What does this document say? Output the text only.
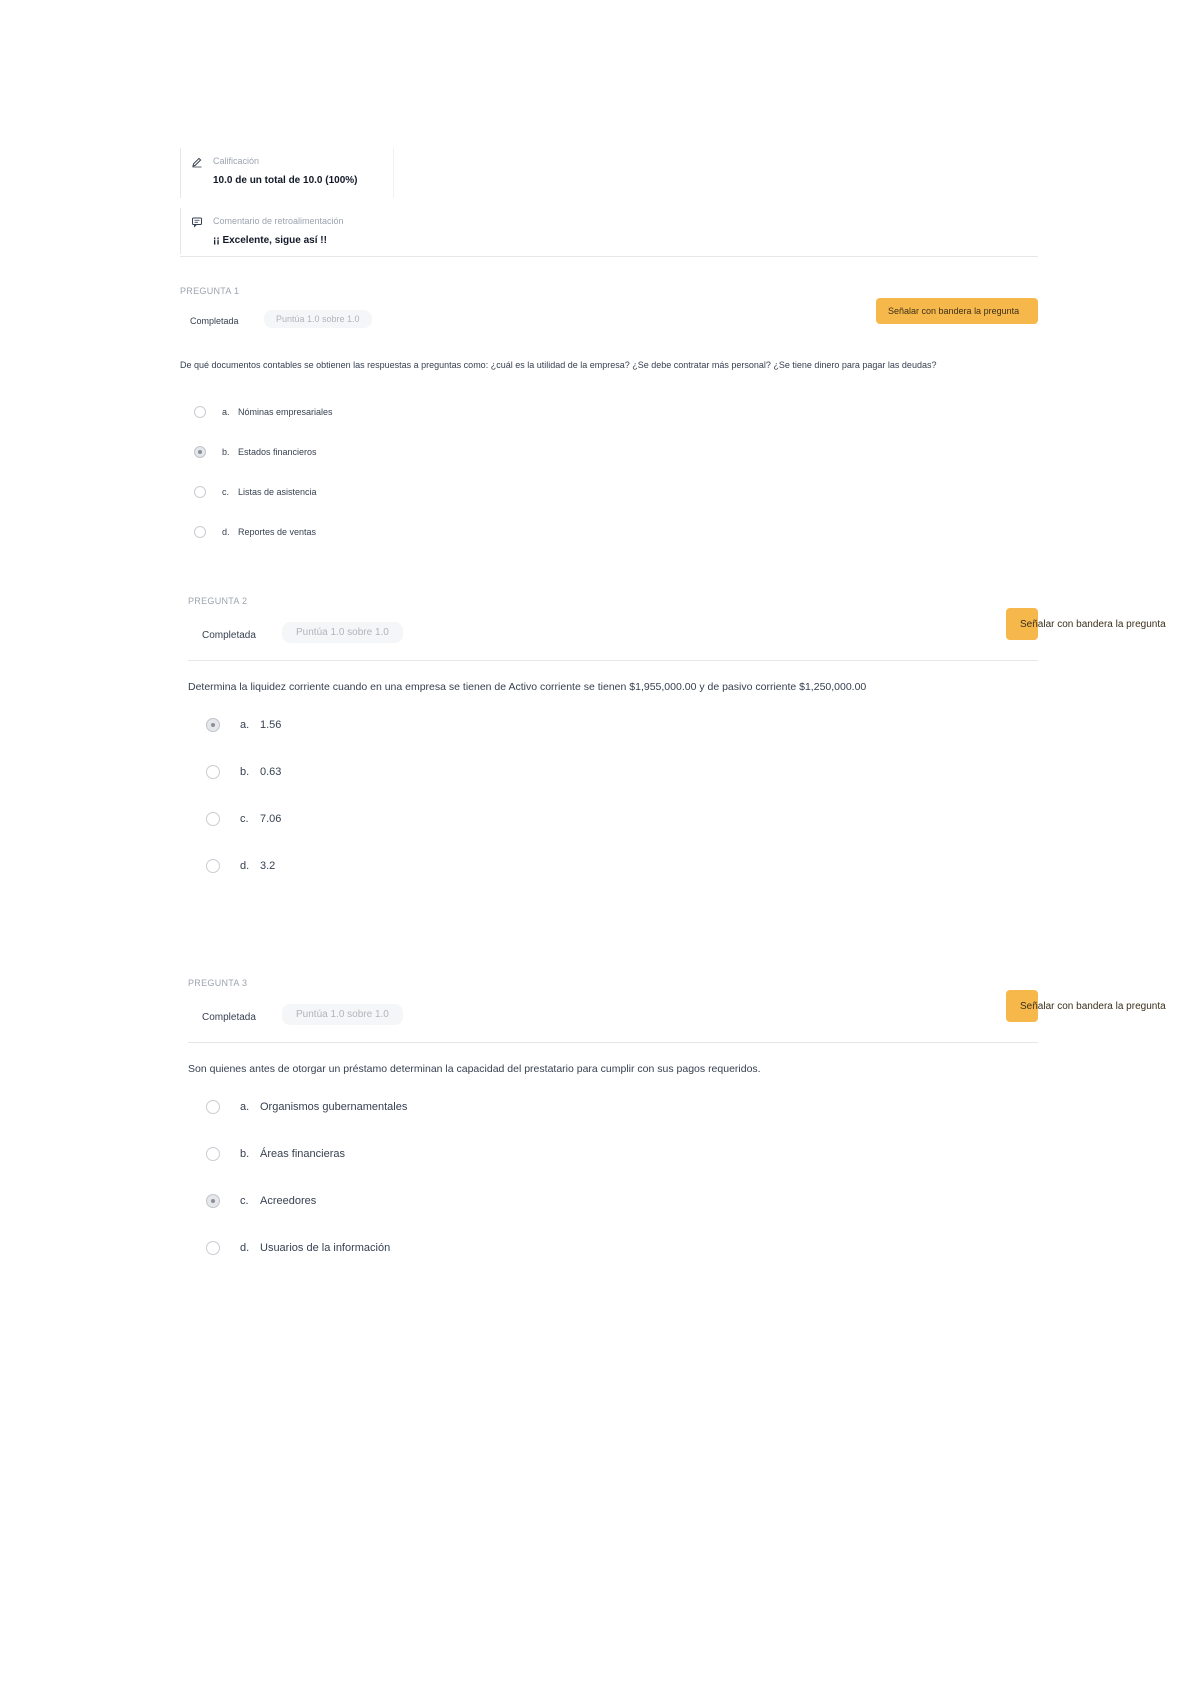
Calificación
10.0 de un total de 10.0 (100%)
Comentario de retroalimentación
¡¡ Excelente, sigue así !!
PREGUNTA 1
Completada	Puntúa 1.0 sobre 1.0
Señalar con bandera la pregunta
De qué documentos contables se obtienen las respuestas a preguntas como: ¿cuál es la utilidad de la empresa? ¿Se debe contratar más personal? ¿Se tiene dinero para pagar las deudas?
a. Nóminas empresariales
b. Estados financieros
c. Listas de asistencia
d. Reportes de ventas
PREGUNTA 2
Completada	Puntúa 1.0 sobre 1.0
Señalar con bandera la pregunta
Determina la liquidez corriente cuando en una empresa se tienen de Activo corriente se tienen $1,955,000.00 y de pasivo corriente $1,250,000.00
a. 1.56
b. 0.63
c.	7.06
d. 3.2
PREGUNTA 3
Completada	Puntúa 1.0 sobre 1.0
Señalar con bandera la pregunta
Son quienes antes de otorgar un préstamo determinan la capacidad del prestatario para cumplir con sus pagos requeridos.
a. Organismos gubernamentales
b. Áreas financieras
c.	Acreedores
d. Usuarios de la información
